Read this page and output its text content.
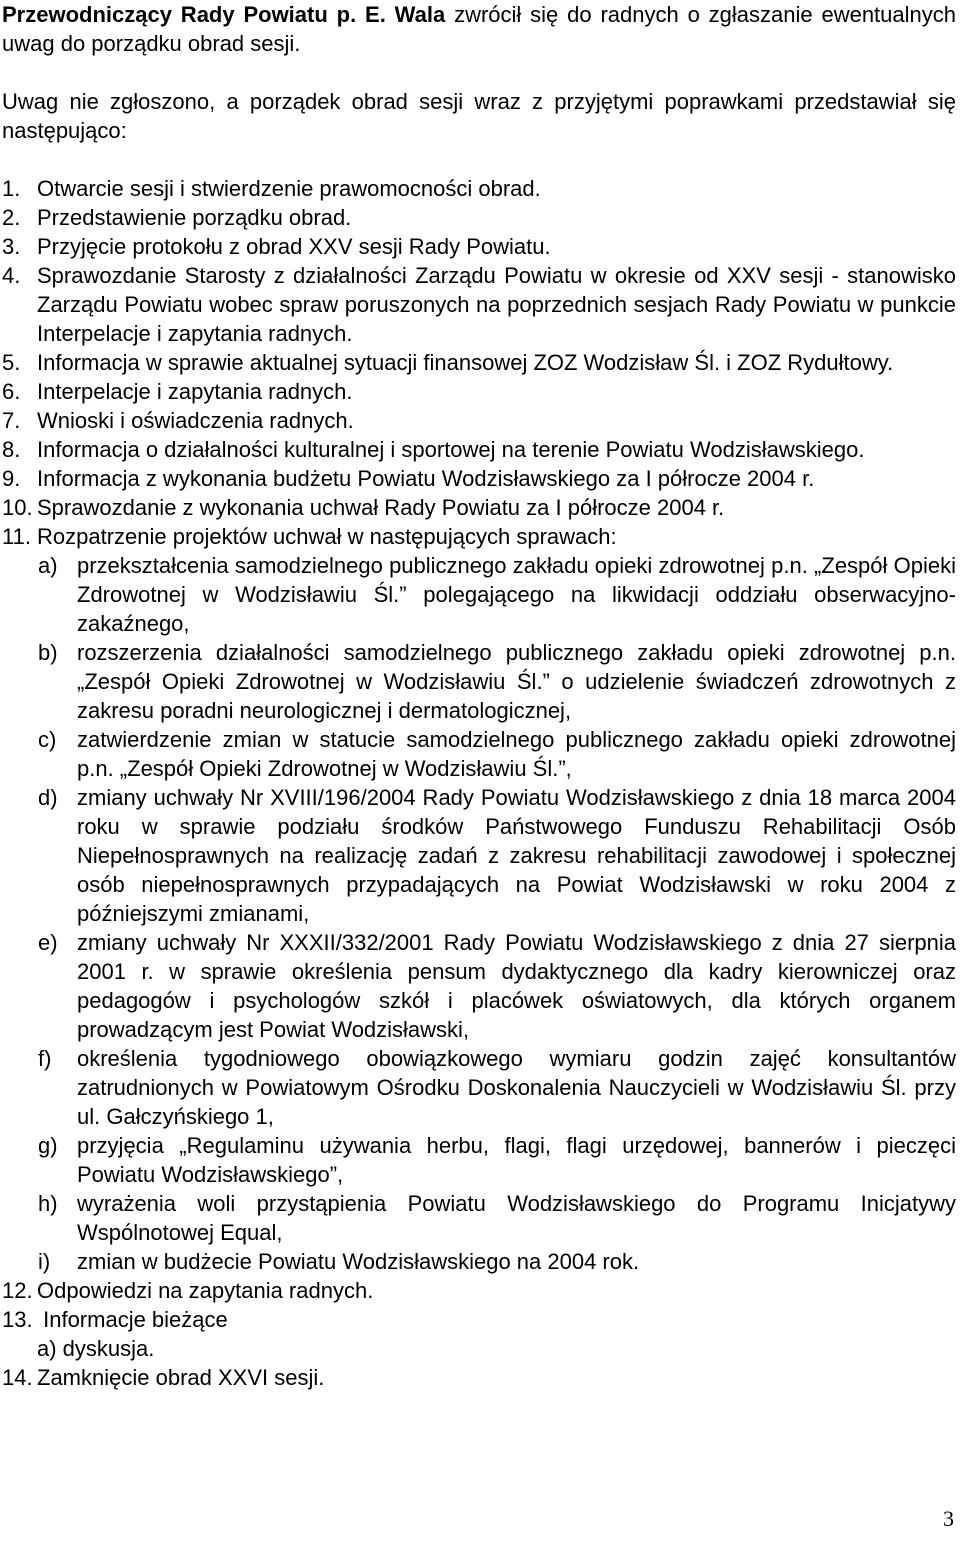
Przewodniczący Rady Powiatu p. E. Wala zwrócił się do radnych o zgłaszanie ewentualnych uwag do porządku obrad sesji.

Uwag nie zgłoszono, a porządek obrad sesji wraz z przyjętymi poprawkami przedstawiał się następująco:

1. Otwarcie sesji i stwierdzenie prawomocności obrad.
2. Przedstawienie porządku obrad.
3. Przyjęcie protokołu z obrad XXV sesji Rady Powiatu.
4. Sprawozdanie Starosty z działalności Zarządu Powiatu w okresie od XXV sesji - stanowisko Zarządu Powiatu wobec spraw poruszonych na poprzednich sesjach Rady Powiatu w punkcie Interpelacje i zapytania radnych.
5. Informacja w sprawie aktualnej sytuacji finansowej ZOZ Wodzisław Śl. i ZOZ Rydułtowy.
6. Interpelacje i zapytania radnych.
7. Wnioski i oświadczenia radnych.
8. Informacja o działalności kulturalnej i sportowej na terenie Powiatu Wodzisławskiego.
9. Informacja z wykonania budżetu Powiatu Wodzisławskiego za I półrocze 2004 r.
10. Sprawozdanie z wykonania uchwał Rady Powiatu za I półrocze 2004 r.
11. Rozpatrzenie projektów uchwał w następujących sprawach:
a) przekształcenia samodzielnego publicznego zakładu opieki zdrowotnej p.n. „Zespół Opieki Zdrowotnej w Wodzisławiu Śl.” polegającego na likwidacji oddziału obserwacyjno-zakaźnego,
b) rozszerzenia działalności samodzielnego publicznego zakładu opieki zdrowotnej p.n. „Zespół Opieki Zdrowotnej w Wodzisławiu Śl.” o udzielenie świadczeń zdrowotnych z zakresu poradni neurologicznej i dermatologicznej,
c) zatwierdzenie zmian w statucie samodzielnego publicznego zakładu opieki zdrowotnej p.n. „Zespół Opieki Zdrowotnej w Wodzisławiu Śl.”,
d) zmiany uchwały Nr XVIII/196/2004 Rady Powiatu Wodzisławskiego z dnia 18 marca 2004 roku w sprawie podziału środków Państwowego Funduszu Rehabilitacji Osób Niepełnosprawnych na realizację zadań z zakresu rehabilitacji zawodowej i społecznej osób niepełnosprawnych przypadających na Powiat Wodzisławski w roku 2004 z późniejszymi zmianami,
e) zmiany uchwały Nr XXXII/332/2001 Rady Powiatu Wodzisławskiego z dnia 27 sierpnia 2001 r. w sprawie określenia pensum dydaktycznego dla kadry kierowniczej oraz pedagogów i psychologów szkół i placówek oświatowych, dla których organem prowadzącym jest Powiat Wodzisławski,
f)	określenia tygodniowego obowiązkowego wymiaru godzin zajęć konsultantów zatrudnionych w Powiatowym Ośrodku Doskonalenia Nauczycieli w Wodzisławiu Śl. przy ul. Gałczyńskiego 1,
g) przyjęcia „Regulaminu używania herbu, flagi, flagi urzędowej, bannerów i pieczęci Powiatu Wodzisławskiego”,
h) wyrażenia woli przystąpienia Powiatu Wodzisławskiego do Programu Inicjatywy Wspólnotowej Equal,
i)	zmian w budżecie Powiatu Wodzisławskiego na 2004 rok.
12. Odpowiedzi na zapytania radnych.
13. Informacje bieżące

a) dyskusja.

14. Zamknięcie obrad XXVI sesji.
3
